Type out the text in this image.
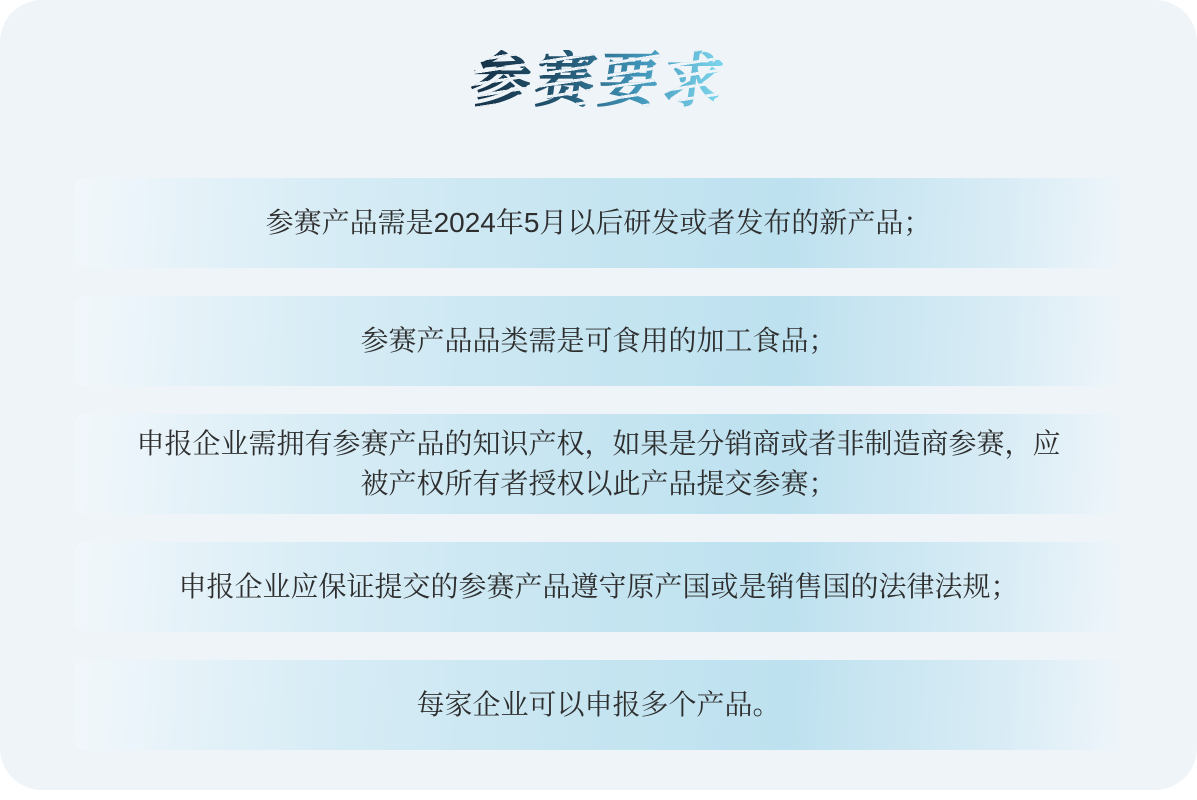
参赛要求
参赛产品需是2024年5月以后研发或者发布的新产品；
参赛产品品类需是可食用的加工食品；
申报企业需拥有参赛产品的知识产权，如果是分销商或者非制造商参赛，应被产权所有者授权以此产品提交参赛；
申报企业应保证提交的参赛产品遵守原产国或是销售国的法律法规；
每家企业可以申报多个产品。
